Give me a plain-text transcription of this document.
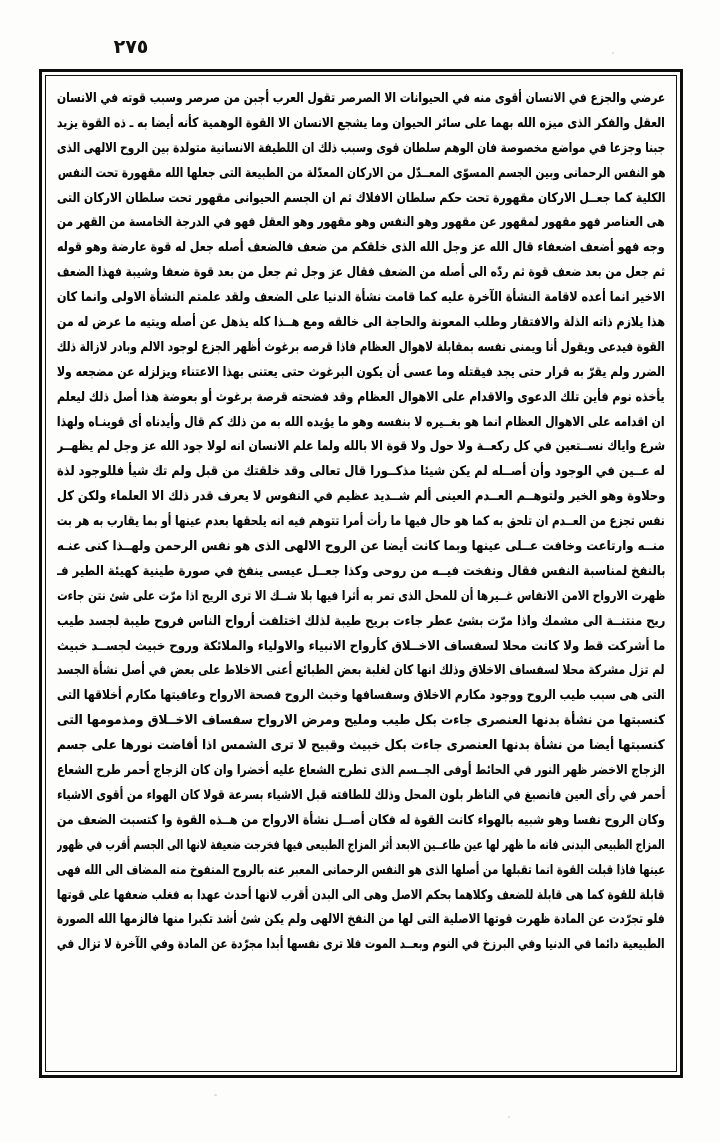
٢٧٥
عرضي والجزع في الانسان أقوى منه في الحيوانات الا الصرصر تقول العرب أجبن من صرصر وسبب قوته في الانسان
العقل والفكر الذى ميزه الله بهما على سائر الحيوان وما يشجع الانسان الا القوة الوهمية كأنه أيضا به ـ ذه القوة يزيد
جبنا وجزعا في مواضع مخصوصة فان الوهم سلطان قوى وسبب ذلك ان اللطيفة الانسانية متولدة بين الروح الالهى الذى
هو النفس الرحمانى وبين الجسم المسوّى المعــدّل من الاركان المعدّلة من الطبيعة التى جعلها الله مقهورة تحت النفس
الكلية كما جعــل الاركان مقهورة تحت حكم سلطان الافلاك ثم ان الجسم الحيوانى مقهور تحت سلطان الاركان التى
هى العناصر فهو مقهور لمقهور عن مقهور وهو النفس وهو مقهور وهو العقل فهو في الدرجة الخامسة من القهر من
وجه فهو أضعف اضعفاء قال الله عز وجل الله الذى خلقكم من ضعف فالضعف أصله جعل له قوة عارضة وهو قوله
ثم جعل من بعد ضعف قوة ثم ردّه الى أصله من الضعف فقال عز وجل ثم جعل من بعد قوة ضعفا وشيبة فهذا الضعف
الاخير انما أعده لاقامة النشأة الآخرة عليه كما قامت نشأة الدنيا على الضعف ولقد علمتم النشأة الاولى وانما كان
هذا يلازم ذاته الذلة والافتقار وطلب المعونة والحاجة الى خالقه ومع هــذا كله يذهل عن أصله ويتيه ما عرض له من
القوة فيدعى ويقول أنا ويمنى نفسه بمقابلة لاهوال العظام فاذا قرصه برغوث أظهر الجزع لوجود الالم وبادر لازالة ذلك
الضرر ولم يقرّ به قرار حتى يجد فيقتله وما عسى أن يكون البرغوث حتى يعتنى بهذا الاعتناء ويزلزله عن مضجعه ولا
يأخذه نوم فأين تلك الدعوى والاقدام على الاهوال العظام وقد فضحته قرصة برغوث أو بعوضة هذا أصل ذلك ليعلم
ان اقدامه على الاهوال العظام انما هو بغــيره لا بنفسه وهو ما يؤيده الله به من ذلك كم قال وأيدناه أى قوينـاه ولهذا
شرع واياك نســتعين في كل ركعــة ولا حول ولا قوة الا بالله ولما علم الانسان انه لولا جود الله عز وجل لم يظهــر
له عــين في الوجود وأن أصــله لم يكن شيئا مذكــورا قال تعالى وقد خلقتك من قبل ولم تك شيأ فللوجود لذة
وحلاوة وهو الخير ولتوهــم العــدم العينى ألم شــديد عظيم في النفوس لا يعرف قدر ذلك الا العلماء ولكن كل
نفس تجزع من العــدم ان تلحق به كما هو حال فيها ما رأت أمرا تتوهم فيه انه يلحقها بعدم عينها أو بما يقارب به هر بت
منــه وارتاعت وخافت عــلى عينها وبما كانت أيضا عن الروح الالهى الذى هو نفس الرحمن ولهــذا كنى عنـه
بالنفخ لمناسبة النفس فقال ونفخت فيــه من روحى وكذا جعــل عيسى ينفخ في صورة طينية كهيئة الطير فـ
ظهرت الارواح الامن الانفاس غــيرها أن للمحل الذى تمر به أثرا فيها بلا شــك الا ترى الريح اذا مرّت على شئ نتن جاءت
ريح منتنــة الى مشمك واذا مرّت بشئ عطر جاءت بريح طيبة لذلك اختلفت أرواح الناس فروح طيبة لجسد طيب
ما أشركت قط ولا كانت محلا لسفساف الاخــلاق كأرواح الانبياء والاولياء والملائكة وروح خبيث لجســد خبيث
لم تزل مشركة محلا لسفساف الاخلاق وذلك انها كان لغلبة بعض الطبائع أعنى الاخلاط على بعض في أصل نشأة الجسد
التى هى سبب طيب الروح ووجود مكارم الاخلاق وسفسافها وخبث الروح فصحة الارواح وعافيتها مكارم أخلاقها التى
كنسبتها من نشأة بدنها العنصرى جاءت بكل طيب ومليح ومرض الارواح سفساف الاخــلاق ومذمومها التى
كنسبتها أيضا من نشأة بدنها العنصرى جاءت بكل خبيث وقبيح لا ترى الشمس اذا أفاضت نورها على جسم
الزجاج الاخضر ظهر النور في الحائط أوفى الجــسم الذى تطرح الشعاع عليه أخضرا وان كان الزجاج أحمر طرح الشعاع
أحمر في رأى العين فانصبغ في الناظر بلون المحل وذلك للطافته قبل الاشياء بسرعة قولا كان الهواء من أقوى الاشياء
وكان الروح نفسا وهو شبيه بالهواء كانت القوة له فكان أصــل نشأة الارواح من هــذه القوة وا كتسبت الضعف من
المزاج الطبيعى البدنى فانه ما ظهر لها عين طاعــين الابعد أثر المزاج الطبيعى فيها فخرجت ضعيفة لانها الى الجسم أقرب في ظهور
عينها فاذا قبلت القوة انما تقبلها من أصلها الذى هو النفس الرحمانى المعبر عنه بالروح المنفوخ منه المضاف الى الله فهى
قابلة للقوة كما هى قابلة للضعف وكلاهما بحكم الاصل وهى الى البدن أقرب لانها أحدث عهدا به فغلب ضعفها على قوتها
فلو تجرّدت عن المادة ظهرت قوتها الاصلية التى لها من النفخ الالهى ولم يكن شئ أشد تكبرا منها فالزمها الله الصورة
الطبيعية دائما في الدنيا وفي البرزخ في النوم وبعــد الموت فلا ترى نفسها أبدا مجرّدة عن المادة وفي الآخرة لا تزال في
